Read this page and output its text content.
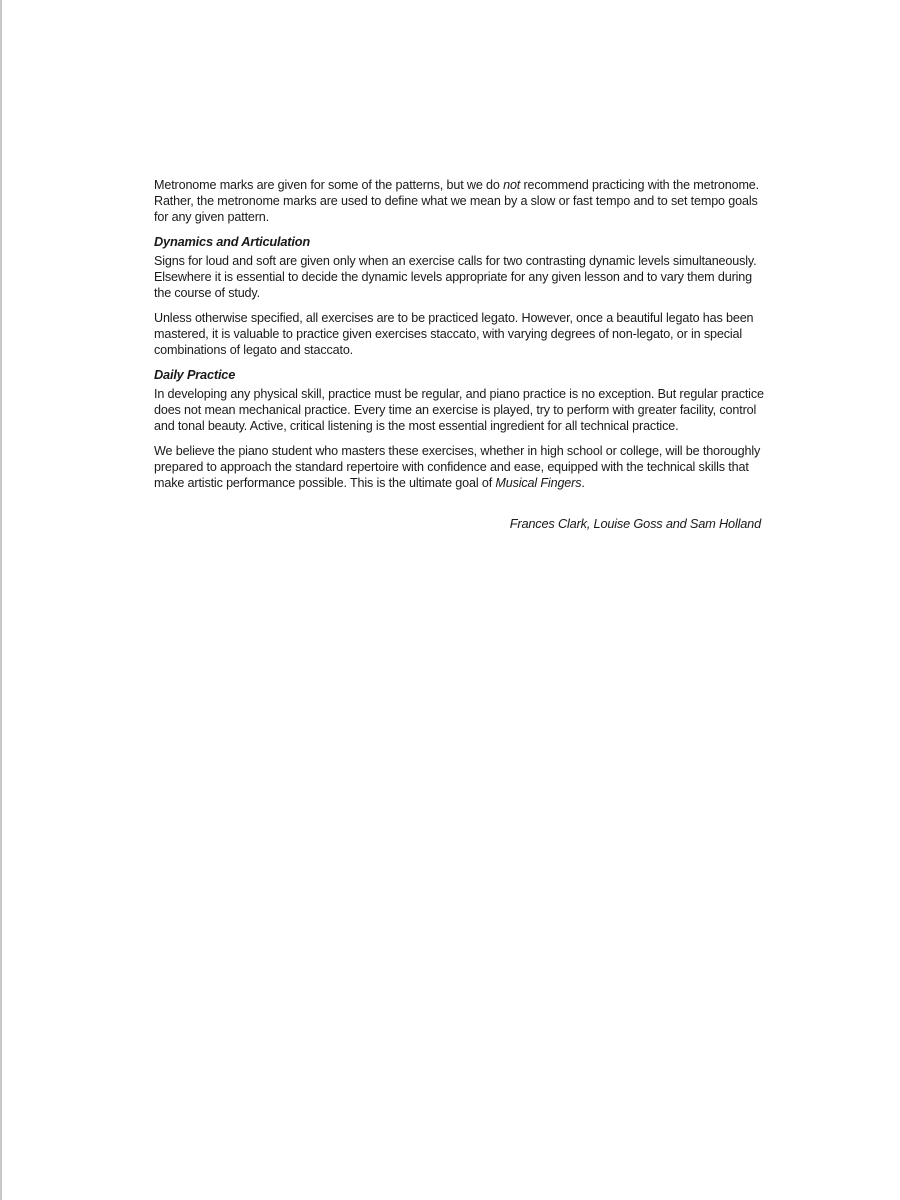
Metronome marks are given for some of the patterns, but we do not recommend practicing with the metronome. Rather, the metronome marks are used to define what we mean by a slow or fast tempo and to set tempo goals for any given pattern.

Dynamics and Articulation

Signs for loud and soft are given only when an exercise calls for two contrasting dynamic levels simultaneously. Elsewhere it is essential to decide the dynamic levels appropriate for any given lesson and to vary them during the course of study.

Unless otherwise specified, all exercises are to be practiced legato. However, once a beautiful legato has been mastered, it is valuable to practice given exercises staccato, with varying degrees of non-legato, or in special combinations of legato and staccato.

Daily Practice

In developing any physical skill, practice must be regular, and piano practice is no exception. But regular practice does not mean mechanical practice. Every time an exercise is played, try to perform with greater facility, control and tonal beauty. Active, critical listening is the most essential ingredient for all technical practice.

We believe the piano student who masters these exercises, whether in high school or college, will be thoroughly prepared to approach the standard repertoire with confidence and ease, equipped with the technical skills that make artistic performance possible. This is the ultimate goal of Musical Fingers.

Frances Clark, Louise Goss and Sam Holland
